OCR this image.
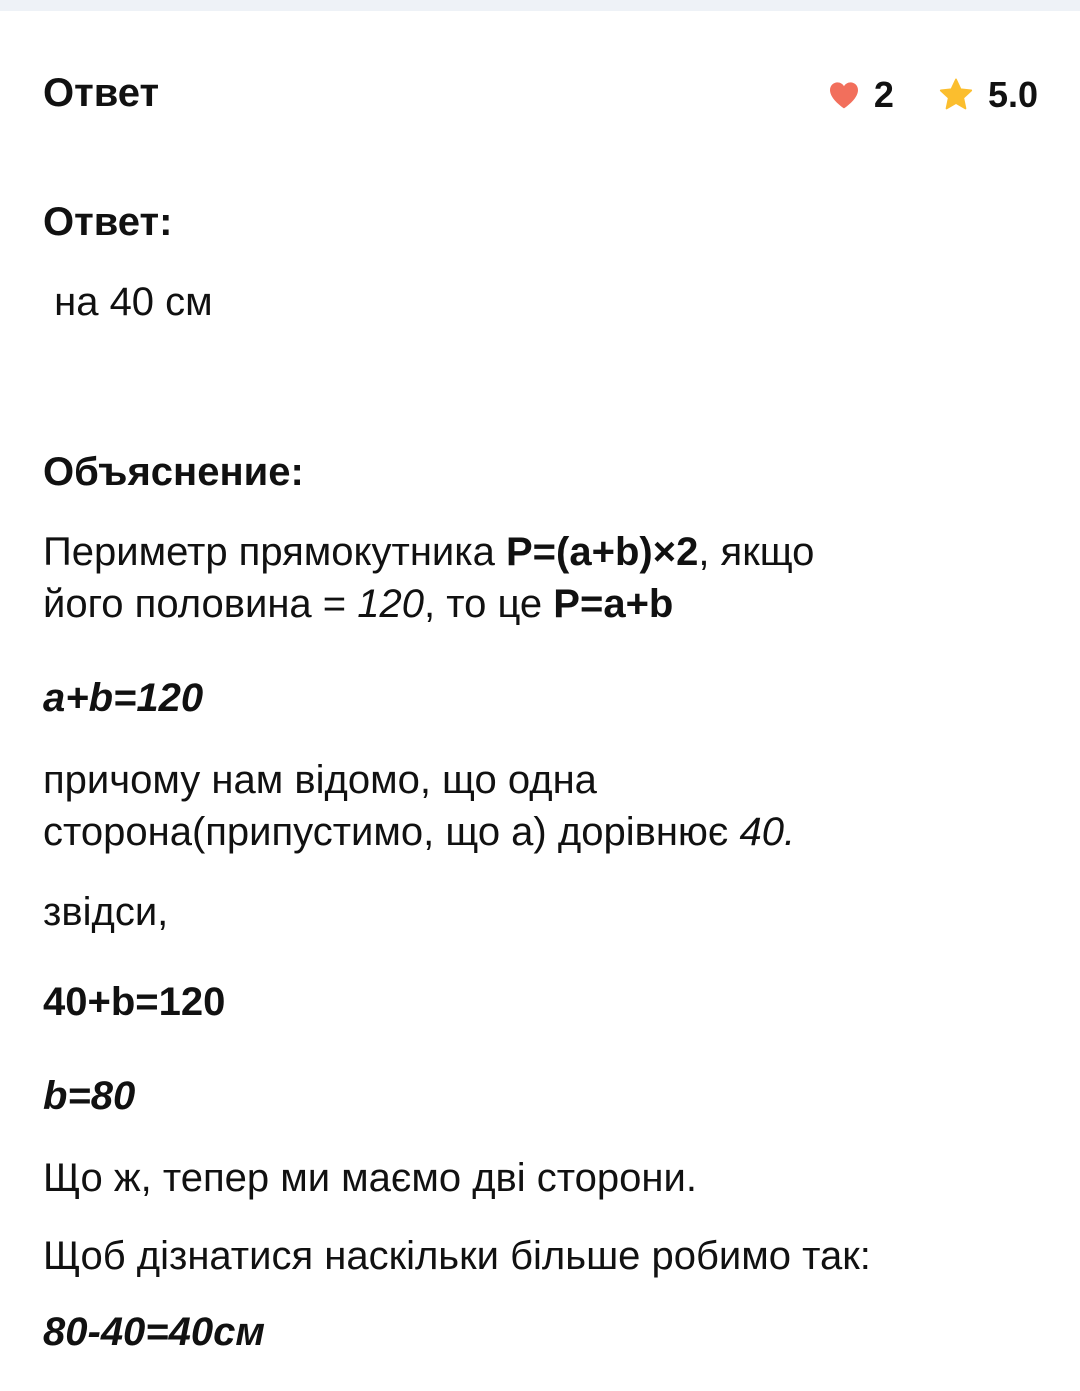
Ответ	2	5.0
Ответ:
на 40 см
Объяснение:
Периметр прямокутника P=(a+b)×2, якщо
його половина = 120, то це P=a+b
a+b=120
причому нам відомо, що одна
сторона(припустимо, що а) дорівнює 40.
звідси,
40+b=120
b=80
Що ж, тепер ми маємо дві сторони.
Щоб дізнатися наскільки більше робимо так:
80-40=40см
